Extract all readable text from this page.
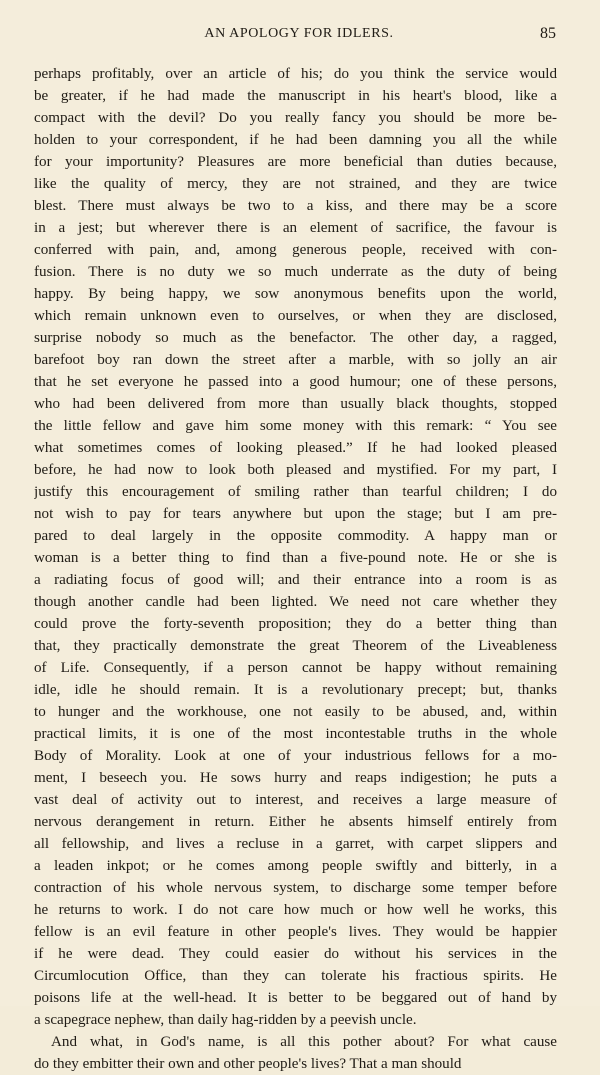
AN APOLOGY FOR IDLERS.	85
perhaps profitably, over an article of his; do you think the service would
be greater, if he had made the manuscript in his heart's blood, like a
compact with the devil? Do you really fancy you should be more be-
holden to your correspondent, if he had been damning you all the while
for your importunity? Pleasures are more beneficial than duties because,
like the quality of mercy, they are not strained, and they are twice
blest. There must always be two to a kiss, and there may be a score
in a jest; but wherever there is an element of sacrifice, the favour is
conferred with pain, and, among generous people, received with con-
fusion. There is no duty we so much underrate as the duty of being
happy. By being happy, we sow anonymous benefits upon the world,
which remain unknown even to ourselves, or when they are disclosed,
surprise nobody so much as the benefactor. The other day, a ragged,
barefoot boy ran down the street after a marble, with so jolly an air
that he set everyone he passed into a good humour; one of these persons,
who had been delivered from more than usually black thoughts, stopped
the little fellow and gave him some money with this remark: “ You see
what sometimes comes of looking pleased.” If he had looked pleased
before, he had now to look both pleased and mystified. For my part, I
justify this encouragement of smiling rather than tearful children; I do
not wish to pay for tears anywhere but upon the stage; but I am pre-
pared to deal largely in the opposite commodity. A happy man or
woman is a better thing to find than a five-pound note. He or she is
a radiating focus of good will; and their entrance into a room is as
though another candle had been lighted. We need not care whether they
could prove the forty-seventh proposition; they do a better thing than
that, they practically demonstrate the great Theorem of the Liveableness
of Life. Consequently, if a person cannot be happy without remaining
idle, idle he should remain. It is a revolutionary precept; but, thanks
to hunger and the workhouse, one not easily to be abused, and, within
practical limits, it is one of the most incontestable truths in the whole
Body of Morality. Look at one of your industrious fellows for a mo-
ment, I beseech you. He sows hurry and reaps indigestion; he puts a
vast deal of activity out to interest, and receives a large measure of
nervous derangement in return. Either he absents himself entirely from
all fellowship, and lives a recluse in a garret, with carpet slippers and
a leaden inkpot; or he comes among people swiftly and bitterly, in a
contraction of his whole nervous system, to discharge some temper before
he returns to work. I do not care how much or how well he works, this
fellow is an evil feature in other people's lives. They would be happier
if he were dead. They could easier do without his services in the
Circumlocution Office, than they can tolerate his fractious spirits. He
poisons life at the well-head. It is better to be beggared out of hand by
a scapegrace nephew, than daily hag-ridden by a peevish uncle.
And what, in God's name, is all this pother about? For what cause
do they embitter their own and other people's lives? That a man should
